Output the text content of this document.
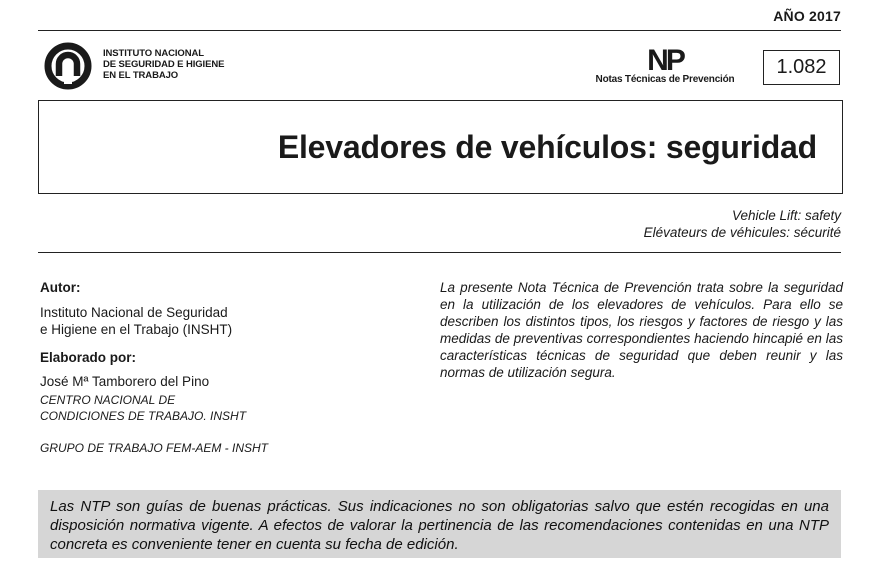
AÑO 2017
INSTITUTO NACIONAL
DE SEGURIDAD E HIGIENE
EN EL TRABAJO	NP
Notas Técnicas de Prevención
1.082
Elevadores de vehículos: seguridad
Vehicle Lift: safety
Elévateurs de véhicules: sécurité

Autor:

Instituto Nacional de Seguridad

e Higiene en el Trabajo (INSHT)

Elaborado por:

José Mª Tamborero del Pino

CENTRO NACIONAL DE

CONDICIONES DE TRABAJO. INSHT

GRUPO DE TRABAJO FEM-AEM - INSHT

La presente Nota Técnica de Prevención trata sobre la seguridad en la utilización de los elevadores de vehículos. Para ello se describen los distintos tipos, los riesgos y factores de riesgo y las medidas de preventivas correspondientes haciendo hincapié en las características técnicas de seguridad que deben reunir y las normas de utilización segura.
Las NTP son guías de buenas prácticas. Sus indicaciones no son obligatorias salvo que estén recogidas en una disposición normativa vigente. A efectos de valorar la pertinencia de las recomendaciones contenidas en una NTP concreta es conveniente tener en cuenta su fecha de edición.
